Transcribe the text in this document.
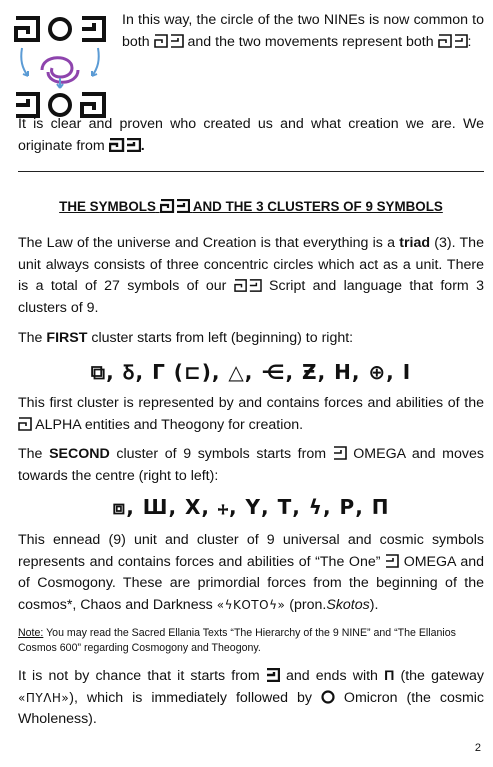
In this way, the circle of the two NINEs is now common to both	and the two movements represent both :
It is clear and proven who created us and what creation we are. We originate from	.
THE SYMBOLS	AND THE 3 CLUSTERS OF 9 SYMBOLS
The Law of the universe and Creation is that everything is a triad (3). The unit always consists of three concentric circles which act as a unit. There is a total of 27 symbols of our	Script and language that form 3 clusters of 9.
The FIRST cluster starts from left (beginning) to right:
⧉, Ᵹ, Γ (⊏), △, ⋲, Ƶ, Η, ⊕, Ι
This first cluster is represented by and contains forces and abilities of the  ALPHA entities and Theogony for creation.
The SECOND cluster of 9 symbols starts from OMEGA and moves towards the centre (right to left):
⧈, Ш, Χ, ⧾, Υ, Τ, ϟ, Ρ, Π
This ennead (9) unit and cluster of 9 universal and cosmic symbols represents and contains forces and abilities of “The One” OMEGA and of Cosmogony. These are primordial forces from the beginning of the cosmos*, Chaos and Darkness «ϟΚΟΤΟϟ» (pron.Skotos).
Note: You may read the Sacred Ellania Texts “The Hierarchy of the 9 NINE” and “The Ellanios Cosmos 600” regarding Cosmogony and Theogony.
It is not by chance that it starts from and ends with Π (the gateway «ΠΥΛΗ»), which is immediately followed by Omicron (the cosmic Wholeness).
2
